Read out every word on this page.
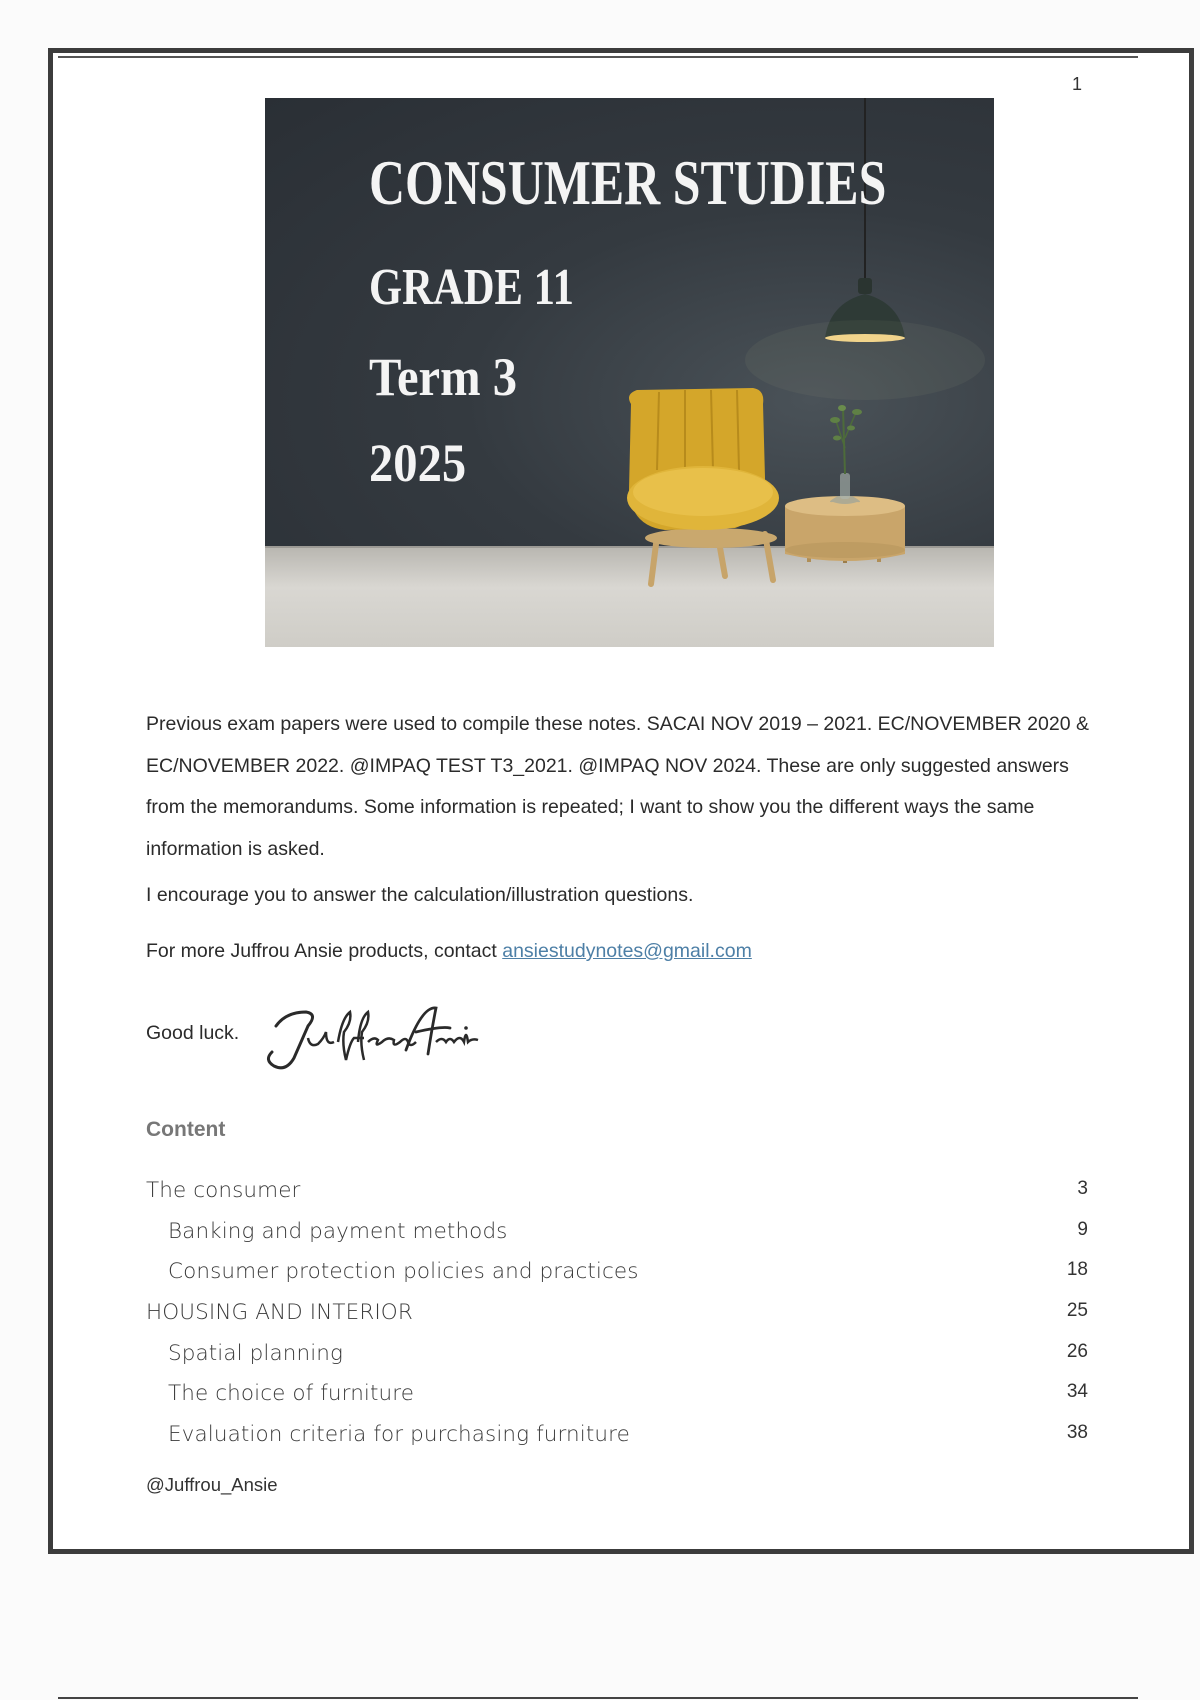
1
CONSUMER STUDIES
GRADE 11
Term 3
2025

Previous exam papers were used to compile these notes. SACAI NOV 2019 – 2021. EC/NOVEMBER 2020 & EC/NOVEMBER 2022. @IMPAQ TEST T3_2021. @IMPAQ NOV 2024. These are only suggested answers from the memorandums. Some information is repeated; I want to show you the different ways the same information is asked.

I encourage you to answer the calculation/illustration questions.
For more Juffrou Ansie products, contact ansiestudynotes@gmail.com
Good luck.
Content
The consumer	3
Banking and payment methods	9
Consumer protection policies and practices	18
HOUSING AND INTERIOR	25
Spatial planning	26
The choice of furniture	34
Evaluation criteria for purchasing furniture	38
@Juffrou_Ansie
